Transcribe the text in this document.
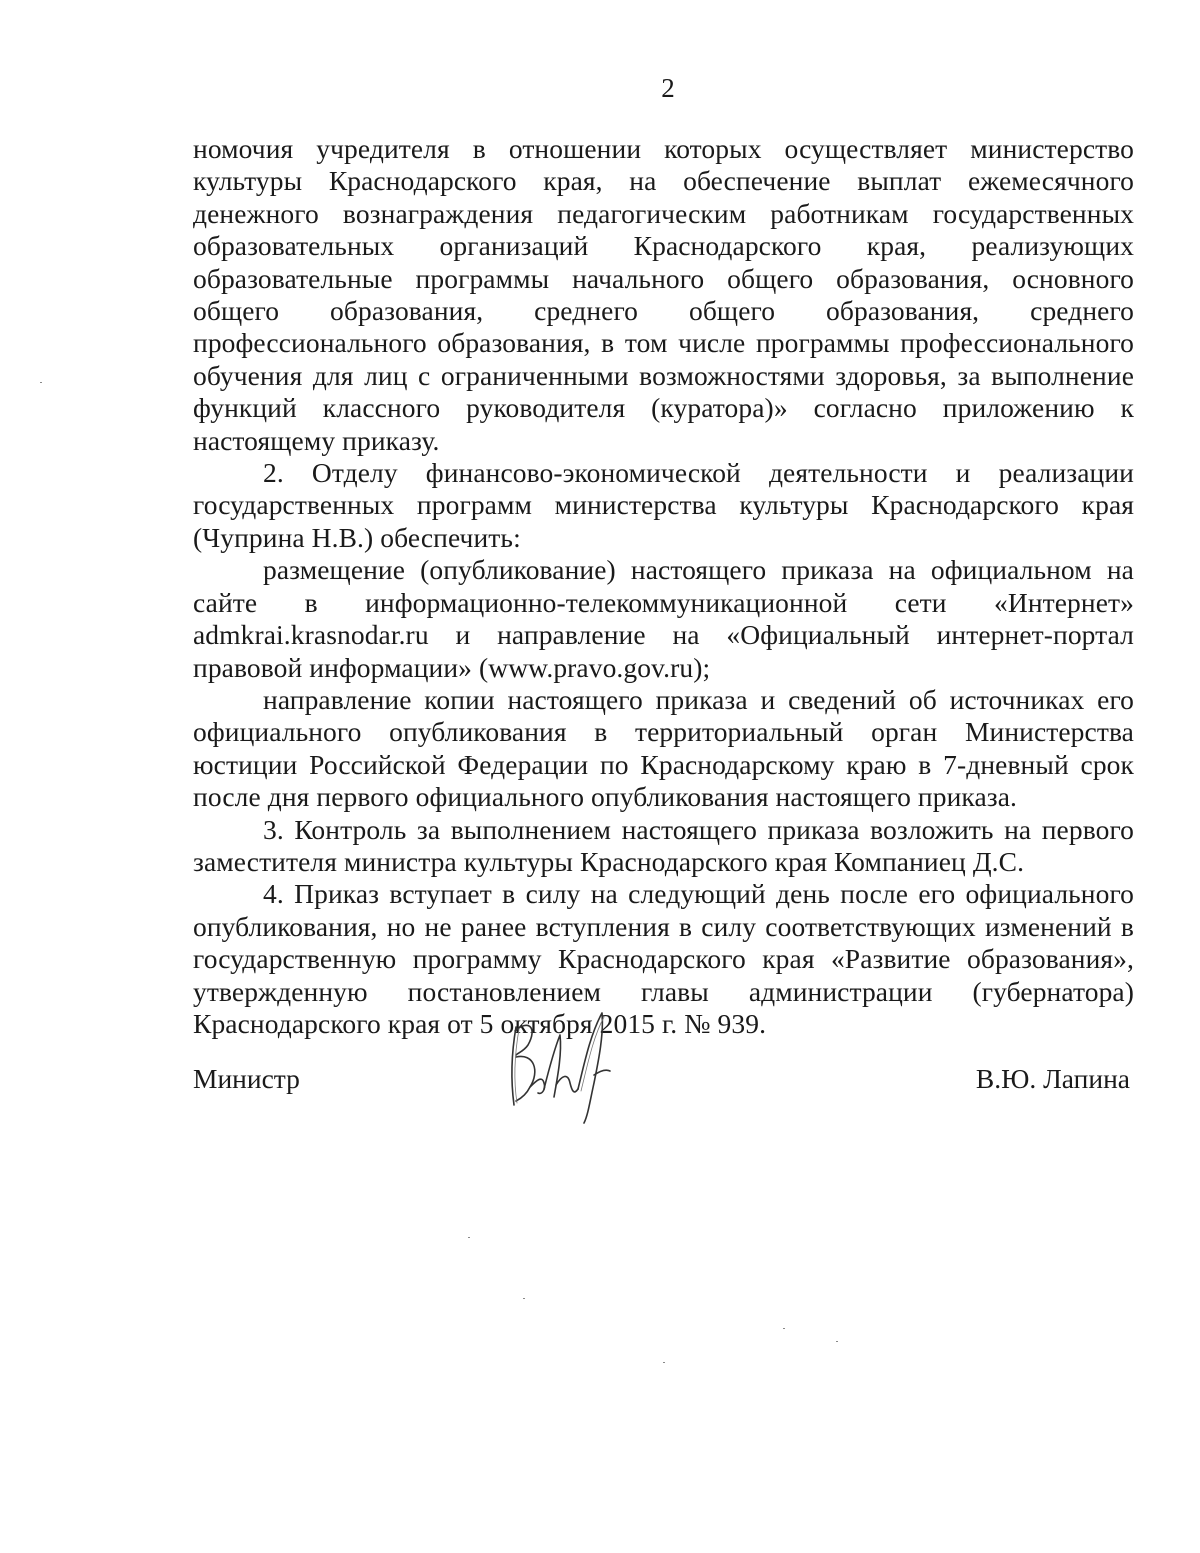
2

номочия учредителя в отношении которых осуществляет министерство культуры Краснодарского края, на обеспечение выплат ежемесячного денежного вознаграждения педагогическим работникам государственных образовательных организаций Краснодарского края, реализующих образовательные программы начального общего образования, основного общего образования, среднего общего образования, среднего профессионального образования, в том числе программы профессионального обучения для лиц с ограниченными возможностями здоровья, за выполнение функций классного руководителя (куратора)» согласно приложению к настоящему приказу.

2. Отделу финансово-экономической деятельности и реализации государственных программ министерства культуры Краснодарского края (Чуприна Н.В.) обеспечить:

размещение (опубликование) настоящего приказа на официальном на сайте в информационно-телекоммуникационной сети «Интернет» admkrai.krasnodar.ru и направление на «Официальный интернет-портал правовой информации» (www.pravo.gov.ru);

направление копии настоящего приказа и сведений об источниках его официального опубликования в территориальный орган Министерства юстиции Российской Федерации по Краснодарскому краю в 7-дневный срок после дня первого официального опубликования настоящего приказа.

3. Контроль за выполнением настоящего приказа возложить на первого заместителя министра культуры Краснодарского края Компаниец Д.С.

4. Приказ вступает в силу на следующий день после его официального опубликования, но не ранее вступления в силу соответствующих изменений в государственную программу Краснодарского края «Развитие образования», утвержденную постановлением главы администрации (губернатора) Краснодарского края от 5 октября 2015 г. № 939.

Министр	В.Ю. Лапина
